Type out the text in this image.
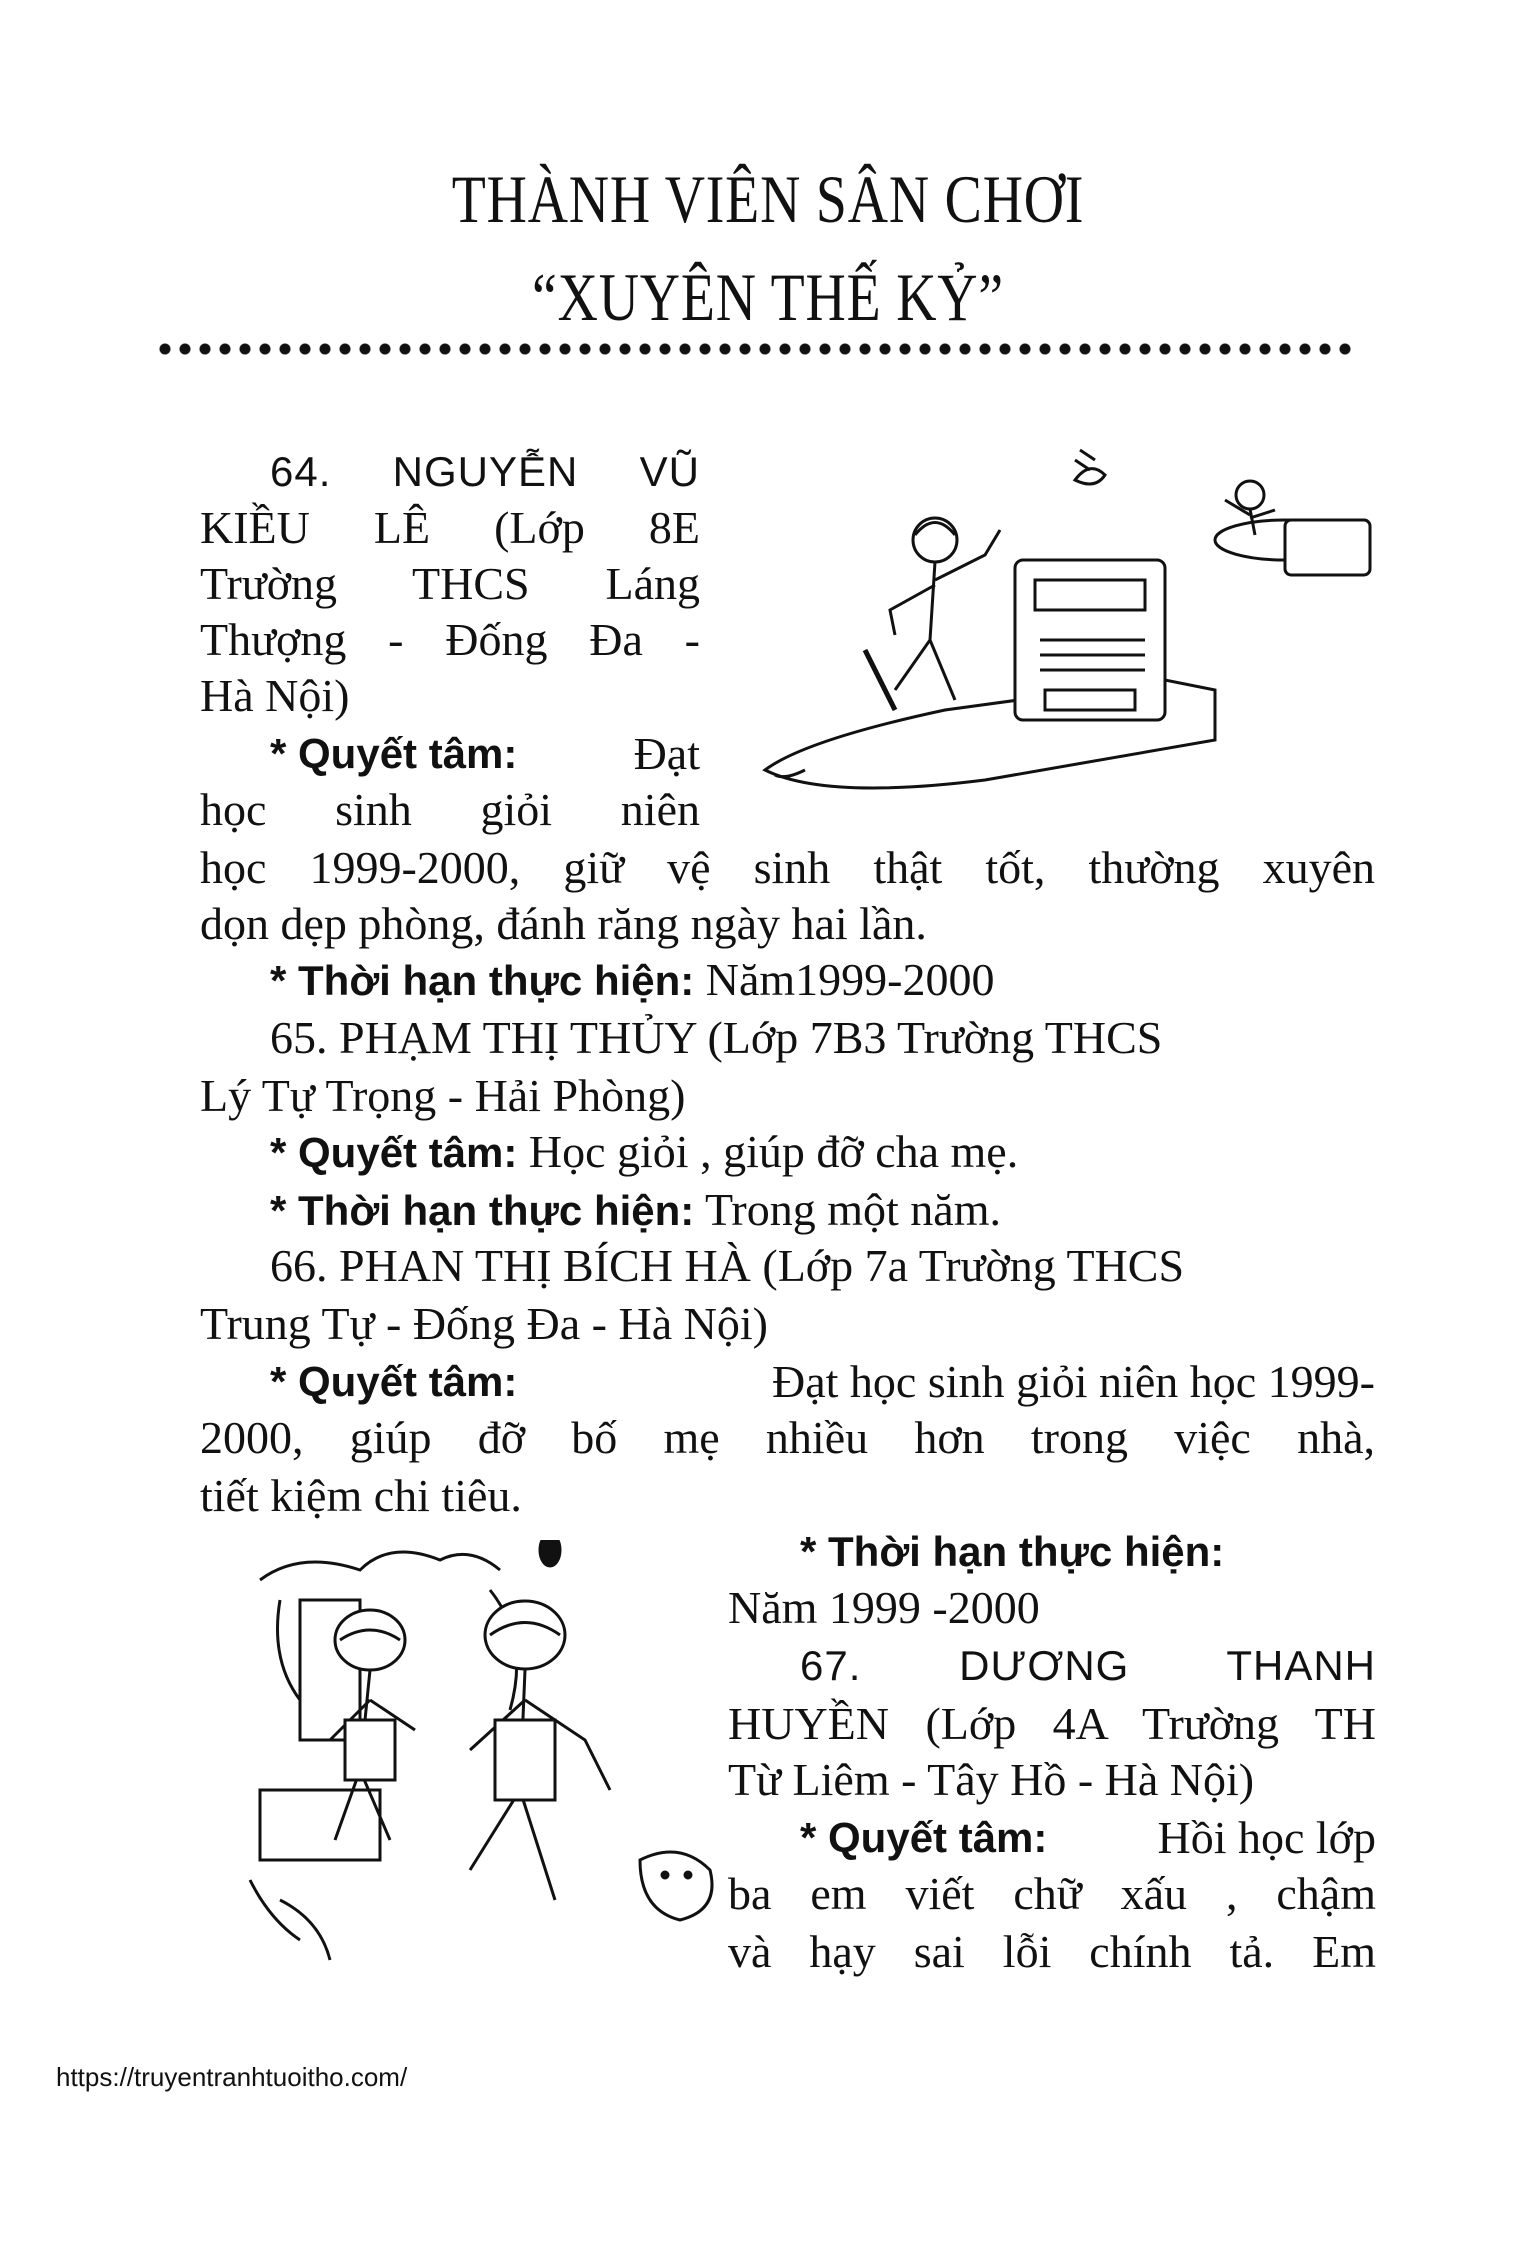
THÀNH VIÊN SÂN CHƠI
“XUYÊN THẾ KỶ”
64. NGUYỄN VŨ
KIỀU LÊ (Lớp 8E
Trường THCS Láng
Thượng - Đống Đa -
Hà Nội)
* Quyết tâm:	Đạt
học sinh giỏi niên
học 1999-2000, giữ vệ sinh thật tốt, thường xuyên
dọn dẹp phòng, đánh răng ngày hai lần.
* Thời hạn thực hiện: Năm1999-2000
65. PHẠM THỊ THỦY (Lớp 7B3 Trường THCS
Lý Tự Trọng - Hải Phòng)
* Quyết tâm: Học giỏi , giúp đỡ cha mẹ.
* Thời hạn thực hiện: Trong một năm.
66. PHAN THỊ BÍCH HÀ (Lớp 7a Trường THCS
Trung Tự - Đống Đa - Hà Nội)
* Quyết tâm:	Đạt học sinh giỏi niên học 1999-
2000, giúp đỡ bố mẹ nhiều hơn trong việc nhà,
tiết kiệm chi tiêu.
* Thời hạn thực hiện:
Năm 1999 -2000
67. DƯƠNG THANH
HUYỀN (Lớp 4A Trường TH
Từ Liêm - Tây Hồ - Hà Nội)
* Quyết tâm: Hồi học lớp
ba em viết chữ xấu , chậm
và hạy sai lỗi chính tả. Em
https://truyentranhtuoitho.com/
